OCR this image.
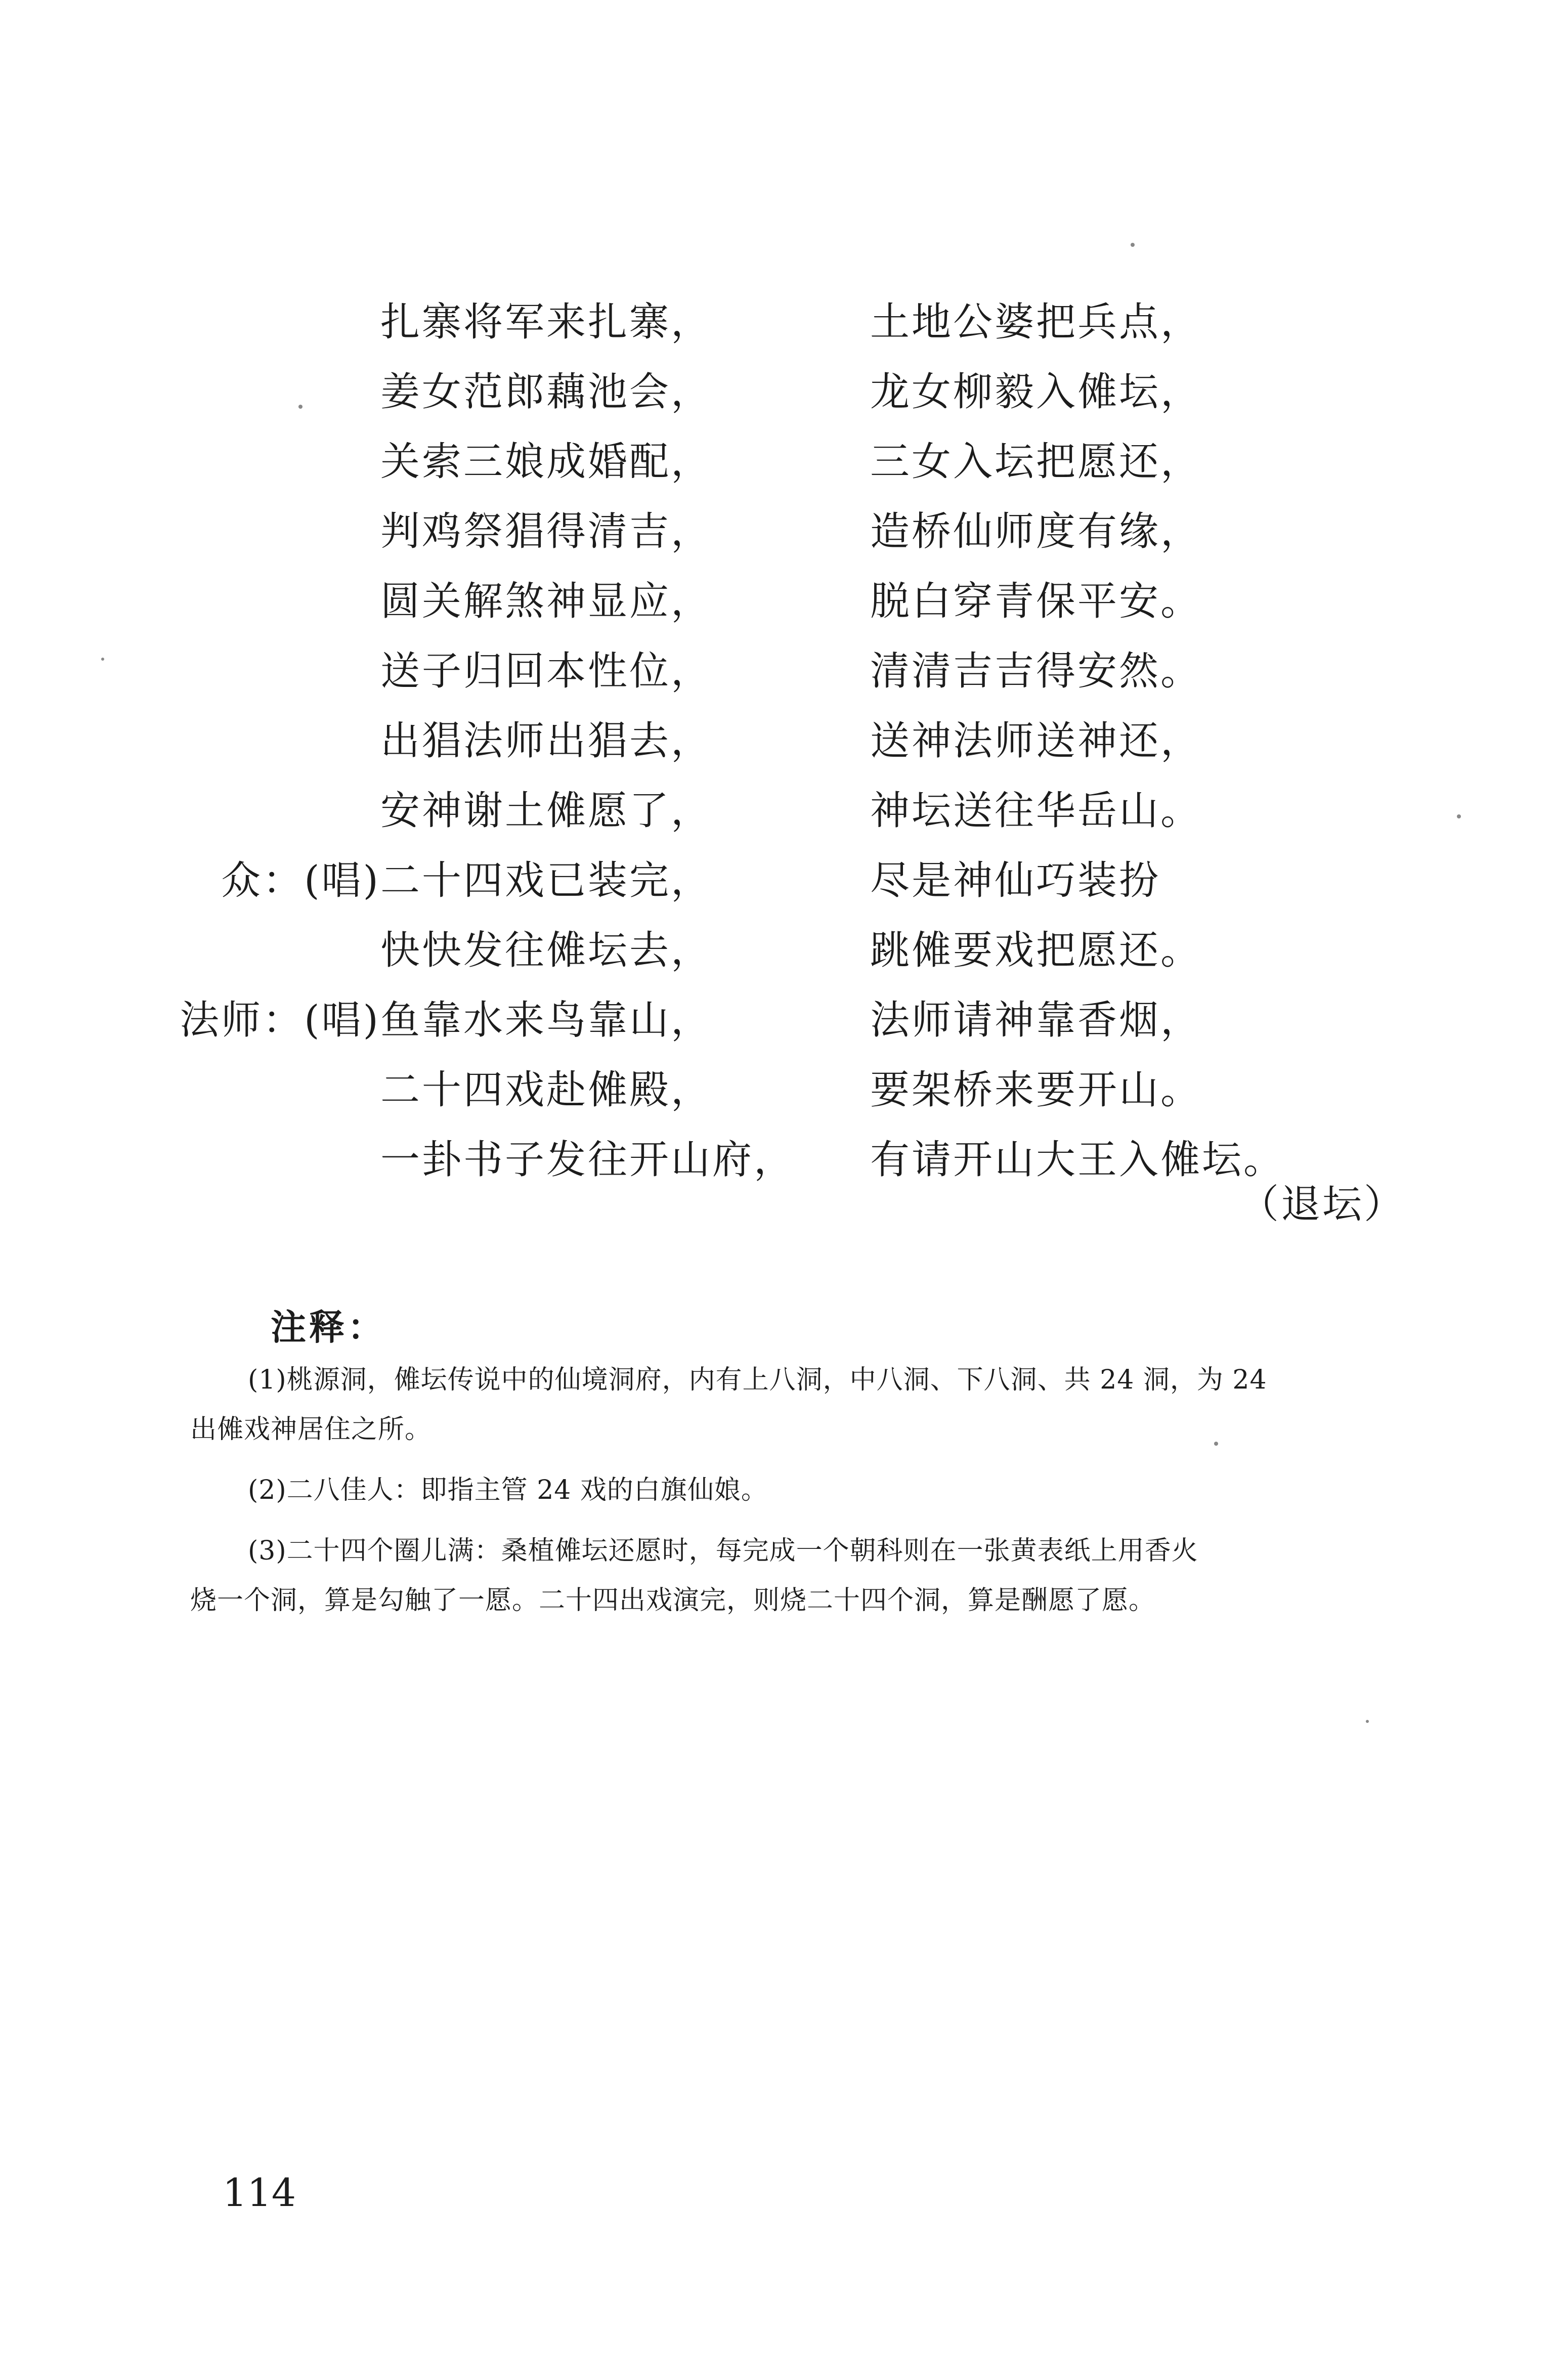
扎寨将军来扎寨，	土地公婆把兵点，
姜女范郎藕池会，	龙女柳毅入傩坛，
关索三娘成婚配，	三女入坛把愿还，
判鸡祭猖得清吉，	造桥仙师度有缘，
圆关解煞神显应，	脱白穿青保平安。
送子归回本性位，	清清吉吉得安然。
出猖法师出猖去，	送神法师送神还，
安神谢土傩愿了，	神坛送往华岳山。
众：(唱) 二十四戏已装完，	尽是神仙巧装扮
快快发往傩坛去，	跳傩要戏把愿还。
法师：(唱) 鱼靠水来鸟靠山，	法师请神靠香烟，
二十四戏赴傩殿，	要架桥来要开山。
一卦书子发往开山府， 有请开山大王入傩坛。
（退坛）
注释：
(1)桃源洞，傩坛传说中的仙境洞府，内有上八洞，中八洞、下八洞、共 24 洞，为 24
出傩戏神居住之所。
(2)二八佳人：即指主管 24 戏的白旗仙娘。
(3)二十四个圈儿满：桑植傩坛还愿时，每完成一个朝科则在一张黄表纸上用香火
烧一个洞，算是勾触了一愿。二十四出戏演完，则烧二十四个洞，算是酬愿了愿。
114
